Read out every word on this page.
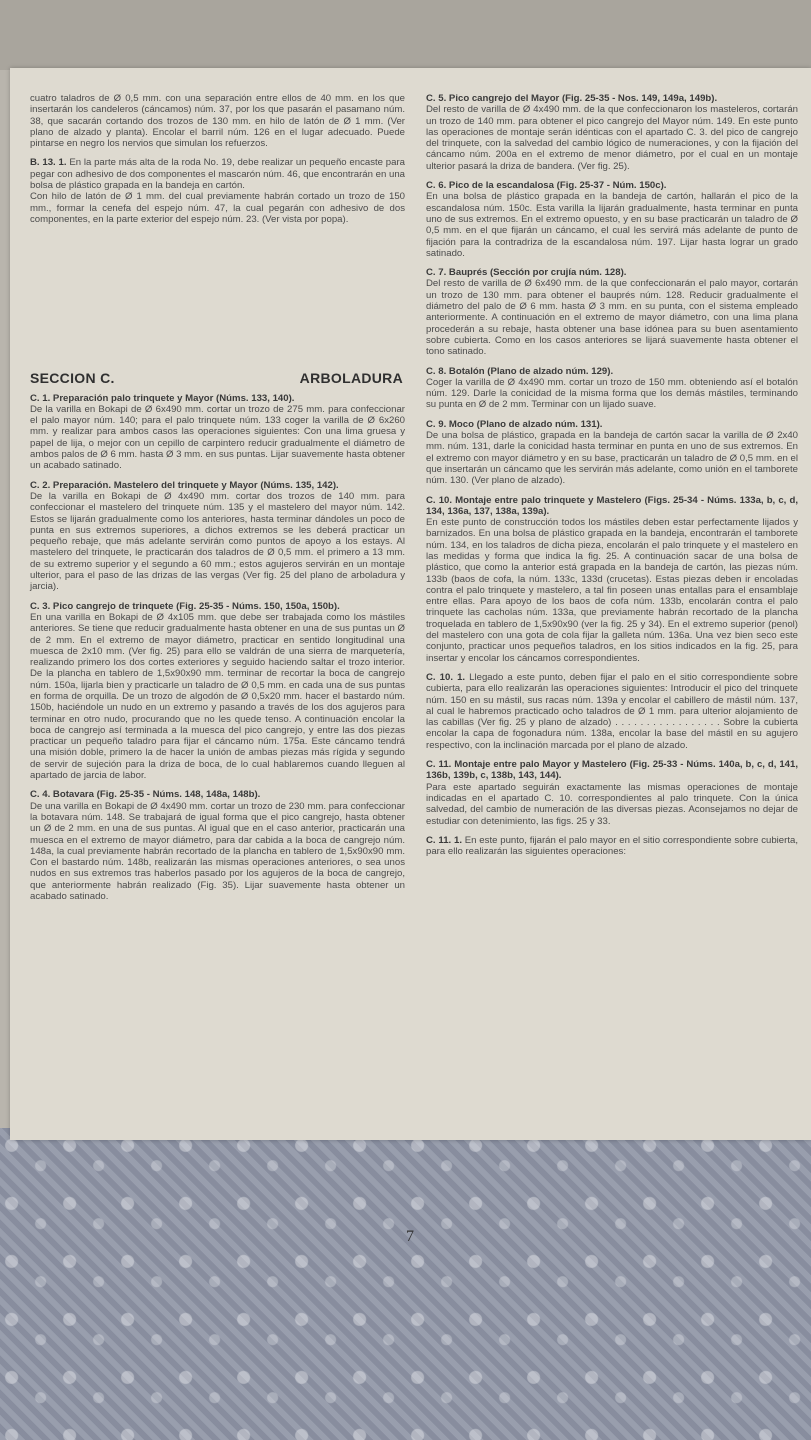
cuatro taladros de Ø 0,5 mm. con una separación entre ellos de 40 mm. en los que insertarán los candeleros (cáncamos) núm. 37, por los que pasarán el pasamano núm. 38, que sacarán cortando dos trozos de 130 mm. en hilo de latón de Ø 1 mm. (Ver plano de alzado y planta). Encolar el barril núm. 126 en el lugar adecuado. Puede pintarse en negro los nervios que simulan los refuerzos.

B. 13. 1. En la parte más alta de la roda No. 19, debe realizar un pequeño encaste para pegar con adhesivo de dos componentes el mascarón núm. 46, que encontrarán en una bolsa de plástico grapada en la bandeja en cartón.

Con hilo de latón de Ø 1 mm. del cual previamente habrán cortado un trozo de 150 mm., formar la cenefa del espejo núm. 47, la cual pegarán con adhesivo de dos componentes, en la parte exterior del espejo núm. 23. (Ver vista por popa).

SECCION C.	ARBOLADURA

C. 1. Preparación palo trinquete y Mayor (Núms. 133, 140).

De la varilla en Bokapi de Ø 6x490 mm. cortar un trozo de 275 mm. para confeccionar el palo mayor núm. 140; para el palo trinquete núm. 133 coger la varilla de Ø 6x260 mm. y realizar para ambos casos las operaciones siguientes: Con una lima gruesa y papel de lija, o mejor con un cepillo de carpintero reducir gradualmente el diámetro de ambos palos de Ø 6 mm. hasta Ø 3 mm. en sus puntas. Lijar suavemente hasta obtener un acabado satinado.

C. 2. Preparación. Mastelero del trinquete y Mayor (Núms. 135, 142).

De la varilla en Bokapi de Ø 4x490 mm. cortar dos trozos de 140 mm. para confeccionar el mastelero del trinquete núm. 135 y el mastelero del mayor núm. 142. Estos se lijarán gradualmente como los anteriores, hasta terminar dándoles un poco de punta en sus extremos superiores, a dichos extremos se les deberá practicar un pequeño rebaje, que más adelante servirán como puntos de apoyo a los estays. Al mastelero del trinquete, le practicarán dos taladros de Ø 0,5 mm. el primero a 13 mm. de su extremo superior y el segundo a 60 mm.; estos agujeros servirán en un montaje ulterior, para el paso de las drizas de las vergas (Ver fig. 25 del plano de arboladura y jarcia).

C. 3. Pico cangrejo de trinquete (Fig. 25-35 - Núms. 150, 150a, 150b).

En una varilla en Bokapi de Ø 4x105 mm. que debe ser trabajada como los mástiles anteriores. Se tiene que reducir gradualmente hasta obtener en una de sus puntas un Ø de 2 mm. En el extremo de mayor diámetro, practicar en sentido longitudinal una muesca de 2x10 mm. (Ver fig. 25) para ello se valdrán de una sierra de marquetería, realizando primero los dos cortes exteriores y seguido haciendo saltar el trozo interior. De la plancha en tablero de 1,5x90x90 mm. terminar de recortar la boca de cangrejo núm. 150a, lijarla bien y practicarle un taladro de Ø 0,5 mm. en cada una de sus puntas en forma de orquilla. De un trozo de algodón de Ø 0,5x20 mm. hacer el bastardo núm. 150b, haciéndole un nudo en un extremo y pasando a través de los dos agujeros para terminar en otro nudo, procurando que no les quede tenso. A continuación encolar la boca de cangrejo así terminada a la muesca del pico cangrejo, y entre las dos piezas practicar un pequeño taladro para fijar el cáncamo núm. 175a. Este cáncamo tendrá una misión doble, primero la de hacer la unión de ambas piezas más rígida y segundo de servir de sujeción para la driza de boca, de lo cual hablaremos cuando lleguen al apartado de jarcia de labor.

C. 4. Botavara (Fig. 25-35 - Núms. 148, 148a, 148b).

De una varilla en Bokapi de Ø 4x490 mm. cortar un trozo de 230 mm. para confeccionar la botavara núm. 148. Se trabajará de igual forma que el pico cangrejo, hasta obtener un Ø de 2 mm. en una de sus puntas. Al igual que en el caso anterior, practicarán una muesca en el extremo de mayor diámetro, para dar cabida a la boca de cangrejo núm. 148a, la cual previamente habrán recortado de la plancha en tablero de 1,5x90x90 mm. Con el bastardo núm. 148b, realizarán las mismas operaciones anteriores, o sea unos nudos en sus extremos tras haberlos pasado por los agujeros de la boca de cangrejo, que anteriormente habrán realizado (Fig. 35). Lijar suavemente hasta obtener un acabado satinado.

C. 5. Pico cangrejo del Mayor (Fig. 25-35 - Nos. 149, 149a, 149b).

Del resto de varilla de Ø 4x490 mm. de la que confeccionaron los masteleros, cortarán un trozo de 140 mm. para obtener el pico cangrejo del Mayor núm. 149. En este punto las operaciones de montaje serán idénticas con el apartado C. 3. del pico de cangrejo del trinquete, con la salvedad del cambio lógico de numeraciones, y con la fijación del cáncamo núm. 200a en el extremo de menor diámetro, por el cual en un montaje ulterior pasará la driza de bandera. (Ver fig. 25).

C. 6. Pico de la escandalosa (Fig. 25-37 - Núm. 150c).

En una bolsa de plástico grapada en la bandeja de cartón, hallarán el pico de la escandalosa núm. 150c. Esta varilla la lijarán gradualmente, hasta terminar en punta uno de sus extremos. En el extremo opuesto, y en su base practicarán un taladro de Ø 0,5 mm. en el que fijarán un cáncamo, el cual les servirá más adelante de punto de fijación para la contradriza de la escandalosa núm. 197. Lijar hasta lograr un grado satinado.

C. 7. Bauprés (Sección por crujía núm. 128).

Del resto de varilla de Ø 6x490 mm. de la que confeccionarán el palo mayor, cortarán un trozo de 130 mm. para obtener el bauprés núm. 128. Reducir gradualmente el diámetro del palo de Ø 6 mm. hasta Ø 3 mm. en su punta, con el sistema empleado anteriormente. A continuación en el extremo de mayor diámetro, con una lima plana procederán a su rebaje, hasta obtener una base idónea para su buen asentamiento sobre cubierta. Como en los casos anteriores se lijará suavemente hasta obtener el tono satinado.

C. 8. Botalón (Plano de alzado núm. 129).

Coger la varilla de Ø 4x490 mm. cortar un trozo de 150 mm. obteniendo así el botalón núm. 129. Darle la conicidad de la misma forma que los demás mástiles, terminando su punta en Ø de 2 mm. Terminar con un lijado suave.

C. 9. Moco (Plano de alzado núm. 131).

De una bolsa de plástico, grapada en la bandeja de cartón sacar la varilla de Ø 2x40 mm. núm. 131, darle la conicidad hasta terminar en punta en uno de sus extremos. En el extremo con mayor diámetro y en su base, practicarán un taladro de Ø 0,5 mm. en el que insertarán un cáncamo que les servirán más adelante, como unión en el tamborete núm. 130. (Ver plano de alzado).

C. 10. Montaje entre palo trinquete y Mastelero (Figs. 25-34 - Núms. 133a, b, c, d, 134, 136a, 137, 138a, 139a).

En este punto de construcción todos los mástiles deben estar perfectamente lijados y barnizados. En una bolsa de plástico grapada en la bandeja, encontrarán el tamborete núm. 134, en los taladros de dicha pieza, encolarán el palo trinquete y el mastelero en las medidas y forma que indica la fig. 25. A continuación sacar de una bolsa de plástico, que como la anterior está grapada en la bandeja de cartón, las piezas núm. 133b (baos de cofa, la núm. 133c, 133d (crucetas). Estas piezas deben ir encoladas contra el palo trinquete y mastelero, a tal fin poseen unas entallas para el ensamblaje entre ellas. Para apoyo de los baos de cofa núm. 133b, encolarán contra el palo trinquete las cacholas núm. 133a, que previamente habrán recortado de la plancha troquelada en tablero de 1,5x90x90 (ver la fig. 25 y 34). En el extremo superior (penol) del mastelero con una gota de cola fijar la galleta núm. 136a. Una vez bien seco este conjunto, practicar unos pequeños taladros, en los sitios indicados en la fig. 25, para insertar y encolar los cáncamos correspondientes.

C. 10. 1. Llegado a este punto, deben fijar el palo en el sitio correspondiente sobre cubierta, para ello realizarán las operaciones siguientes: Introducir el pico del trinquete núm. 150 en su mástil, sus racas núm. 139a y encolar el cabillero de mástil núm. 137, al cual le habremos practicado ocho taladros de Ø 1 mm. para ulterior alojamiento de las cabillas (Ver fig. 25 y plano de alzado) . . . . . . . . . . . . . . . . . Sobre la cubierta encolar la capa de fogonadura núm. 138a, encolar la base del mástil en su agujero respectivo, con la inclinación marcada por el plano de alzado.

C. 11. Montaje entre palo Mayor y Mastelero (Fig. 25-33 - Núms. 140a, b, c, d, 141, 136b, 139b, c, 138b, 143, 144).

Para este apartado seguirán exactamente las mismas operaciones de montaje indicadas en el apartado C. 10. correspondientes al palo trinquete. Con la única salvedad, del cambio de numeración de las diversas piezas. Aconsejamos no dejar de estudiar con detenimiento, las figs. 25 y 33.

C. 11. 1. En este punto, fijarán el palo mayor en el sitio correspondiente sobre cubierta, para ello realizarán las siguientes operaciones:

7
